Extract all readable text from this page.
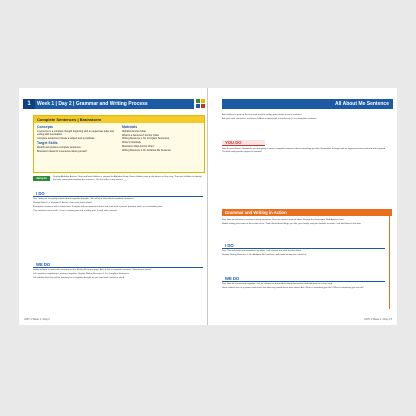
1	Week 1 | Day 2 | Grammar and Writing Process
Complete Sentences | Brainstorm
Concepts

A sentence is a complete thought beginning with an uppercase letter and ending with punctuation.

Complete sentences include a subject and a predicate.

Target Skills

Identify and produce complete sentences.

Brainstorm ideas for a sentence about yourself.

Materials

Alphabet Anchor Chart

What Is a Sentence? Anchor Chart

Writing Resource 1.3a: Complete Sentences

Writer's Notebook

Brainstorm Web Anchor Chart

Writing Resource 1.3b: All About Me Sentence

Jump In	Display Alphabet Anchor Chart and lead children in singing the Alphabet Song. Have children point to the letters as they sing. Then ask children to identify the letter name and complete the sentence: The first letter in my name is ___.

I DO

Say: Today we are going to learn about complete thoughts. We will also learn about complete sentences.

Display What Is a Sentence? Anchor Chart and read it aloud.

A complete sentence tells a whole idea. It begins with an uppercase letter and ends with a period, question mark, or exclamation point.

This sentence starts with I. It has a naming part and a telling part. It ends with a period.

WE DO

Guide children to read each sentence on the Writing Resource page. Ask: Is this a complete sentence? How do you know?

Let's practice completing a sentence together. Display Writing Resource 1.3a: Complete Sentences.

Tell children that they will be listening for a complete thought as you read each sentence aloud.

UNIT 1 Week 1 • Day 2
All About Me Sentence

Ask children to point to the first word and the ending punctuation in each sentence.

Ask your own sentences, and have children respond with a thumbs-up if it is a complete sentence.

YOU DO

Say: In your Writer's Notebook, you are going to write a complete sentence about something you like. Remember to begin with an uppercase letter and end with a period. Circulate and provide support as needed.

Grammar and Writing in Action

Say: Now we will write a sentence about ourselves. First, we need to think of ideas. Display the Brainstorm Web Anchor Chart.

Model writing your name in the center circle. Think aloud about things you like, your family, and your favorite activities, and add them to the web.

I DO

Say: This web helps me remember my ideas. I will choose one idea to write about.

Display Writing Resource 1.3b: All About Me Sentence and model writing one sentence.

WE DO

Say: Now let's brainstorm together. Call on children to share ideas about themselves and add them to a class web.

Have children turn to a partner and share one idea they would like to write about. Ask: What is something you like? What is something you can do?

UNIT 1 Week 1 • Day 2 5
